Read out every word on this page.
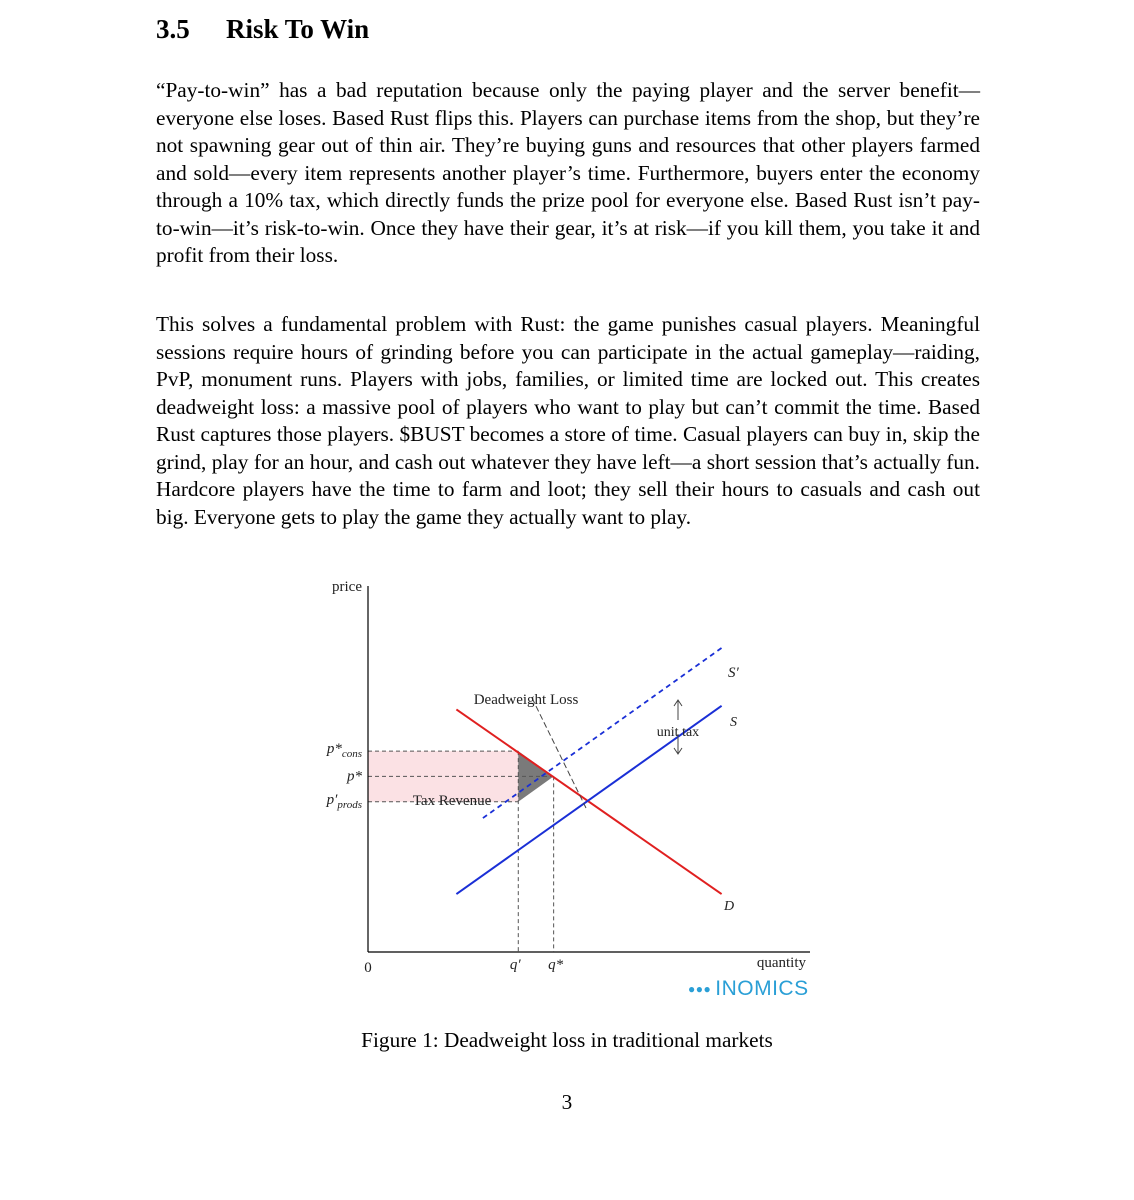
3.5 Risk To Win
“Pay-to-win” has a bad reputation because only the paying player and the server benefit—everyone else loses. Based Rust flips this. Players can purchase items from the shop, but they’re not spawning gear out of thin air. They’re buying guns and resources that other players farmed and sold—every item represents another player’s time. Furthermore, buyers enter the economy through a 10% tax, which directly funds the prize pool for everyone else. Based Rust isn’t pay-to-win—it’s risk-to-win. Once they have their gear, it’s at risk—if you kill them, you take it and profit from their loss.
This solves a fundamental problem with Rust: the game punishes casual players. Meaningful sessions require hours of grinding before you can participate in the actual gameplay—raiding, PvP, monument runs. Players with jobs, families, or limited time are locked out. This creates deadweight loss: a massive pool of players who want to play but can’t commit the time. Based Rust captures those players. $BUST becomes a store of time. Casual players can buy in, skip the grind, play for an hour, and cash out whatever they have left—a short session that’s actually fun. Hardcore players have the time to farm and loot; they sell their hours to casuals and cash out big. Everyone gets to play the game they actually want to play.
price
quantity
0
Deadweight Loss
Tax Revenue
unit tax
S′
S
D
$p*_{cons}$
p*
$p'_{prods}$
q′ q*
●●● INOMICS
Figure 1: Deadweight loss in traditional markets
3
